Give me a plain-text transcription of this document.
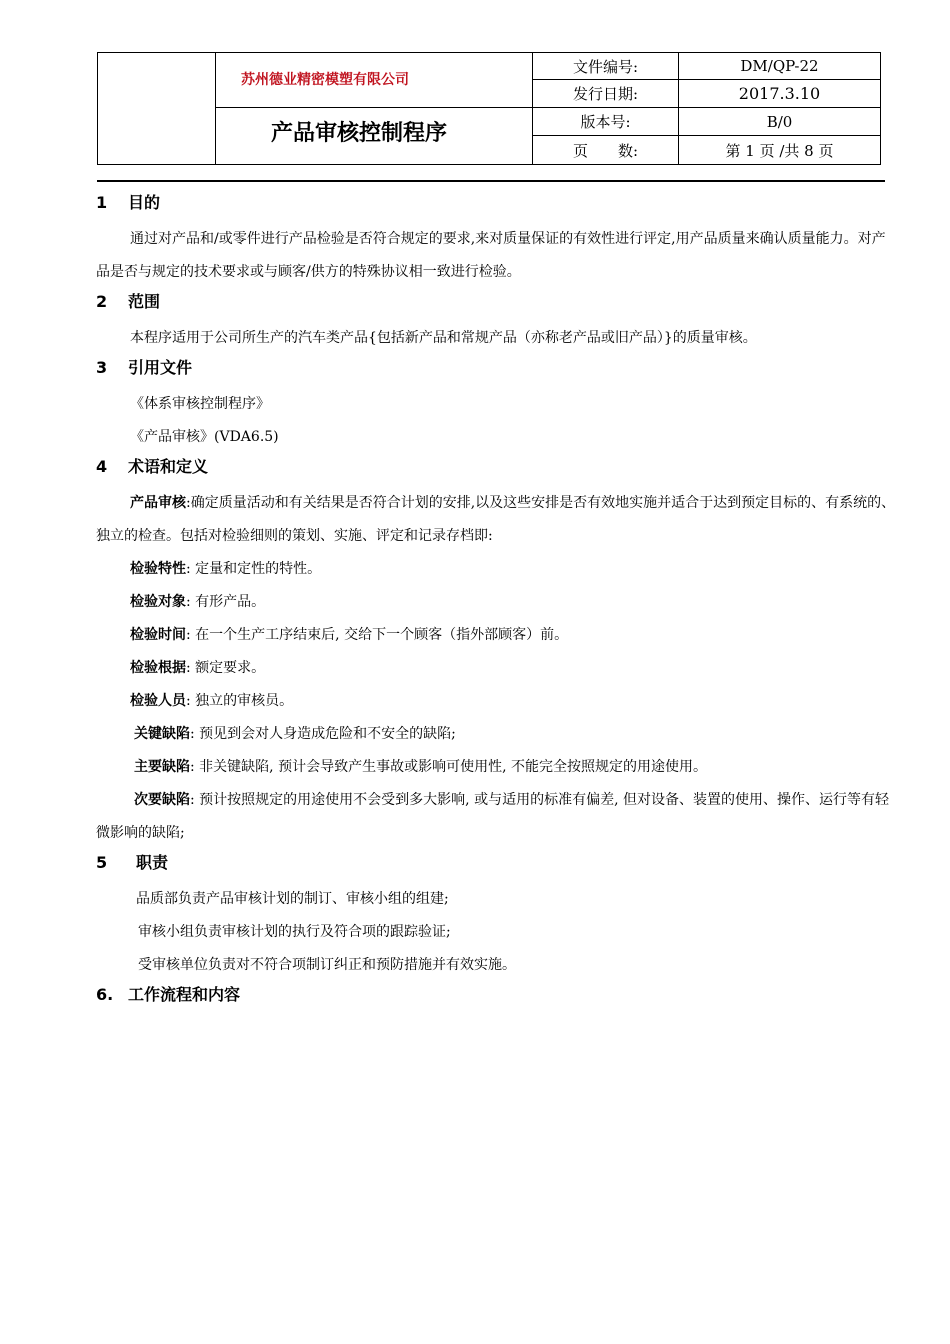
	苏州德业精密模塑有限公司
产品审核控制程序	文件编号:	DM/QP-22
		发行日期:	2017.3.10
		版本号:	B/0
		页　　数:	第 1 页 /共 8 页
1 目的

通过对产品和/或零件进行产品检验是否符合规定的要求,来对质量保证的有效性进行评定,用产品质量来确认质量能力。对产品是否与规定的技术要求或与顾客/供方的特殊协议相一致进行检验。

2 范围

本程序适用于公司所生产的汽车类产品{包括新产品和常规产品（亦称老产品或旧产品）}的质量审核。

3 引用文件

《体系审核控制程序》

《产品审核》(VDA6.5)

4 术语和定义

产品审核:确定质量活动和有关结果是否符合计划的安排,以及这些安排是否有效地实施并适合于达到预定目标的、有系统的、独立的检查。包括对检验细则的策划、实施、评定和记录存档即:

检验特性: 定量和定性的特性。

检验对象: 有形产品。

检验时间: 在一个生产工序结束后, 交给下一个顾客（指外部顾客）前。

检验根据: 额定要求。

检验人员: 独立的审核员。

关键缺陷: 预见到会对人身造成危险和不安全的缺陷;

主要缺陷: 非关键缺陷, 预计会导致产生事故或影响可使用性, 不能完全按照规定的用途使用。

次要缺陷: 预计按照规定的用途使用不会受到多大影响, 或与适用的标准有偏差, 但对设备、装置的使用、操作、运行等有轻微影响的缺陷;

5 职责

品质部负责产品审核计划的制订、审核小组的组建;

审核小组负责审核计划的执行及符合项的跟踪验证;

受审核单位负责对不符合项制订纠正和预防措施并有效实施。

6. 工作流程和内容
